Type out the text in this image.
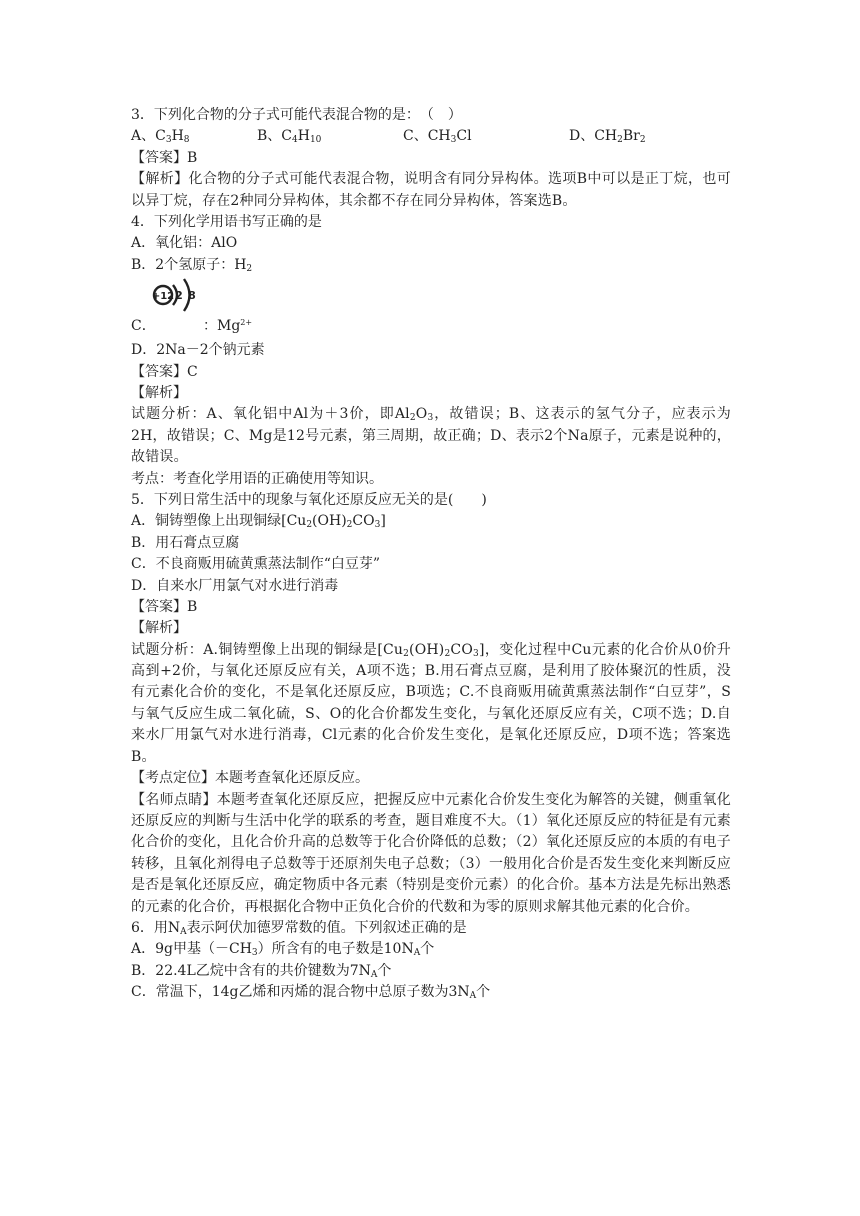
3．下列化合物的分子式可能代表混合物的是：　（　）
A、$C_3H_8$	B、$C_4H_{10}$	C、$CH_3Cl$	D、$CH_2Br_2$
【答案】B
【解析】化合物的分子式可能代表混合物，说明含有同分异构体。选项B中可以是正丁烷，也可以异丁烷，存在2种同分异构体，其余都不存在同分异构体，答案选B。
4．下列化学用语书写正确的是
A．氧化铝：AlO
B．2个氢原子：$H_2$
C．
+12 2 8
：$Mg^{2+}$
D．2Na－2个钠元素
【答案】C
【解析】
试题分析：A、氧化铝中Al为＋3价，即$Al_2O_3$，故错误；B、这表示的氢气分子，应表示为2H，故错误；C、Mg是12号元素，第三周期，故正确；D、表示2个Na原子，元素是说种的，故错误。
考点：考查化学用语的正确使用等知识。
5．下列日常生活中的现象与氧化还原反应无关的是(　　)
A．铜铸塑像上出现铜绿$[Cu_2(OH)_2CO_3]$
B．用石膏点豆腐
C．不良商贩用硫黄熏蒸法制作“白豆芽”
D．自来水厂用氯气对水进行消毒
【答案】B
【解析】
试题分析：A.铜铸塑像上出现的铜绿是$[Cu_2(OH)_2CO_3]$，变化过程中Cu元素的化合价从0价升高到+2价，与氧化还原反应有关，A项不选；B.用石膏点豆腐，是利用了胶体聚沉的性质，没有元素化合价的变化，不是氧化还原反应，B项选；C.不良商贩用硫黄熏蒸法制作“白豆芽”，S与氧气反应生成二氧化硫，S、O的化合价都发生变化，与氧化还原反应有关，C项不选；D.自来水厂用氯气对水进行消毒，Cl元素的化合价发生变化，是氧化还原反应，D项不选；答案选B。
【考点定位】本题考查氧化还原反应。
【名师点睛】本题考查氧化还原反应，把握反应中元素化合价发生变化为解答的关键，侧重氧化还原反应的判断与生活中化学的联系的考查，题目难度不大。（1）氧化还原反应的特征是有元素化合价的变化，且化合价升高的总数等于化合价降低的总数；（2）氧化还原反应的本质的有电子转移，且氧化剂得电子总数等于还原剂失电子总数；（3）一般用化合价是否发生变化来判断反应是否是氧化还原反应，确定物质中各元素（特别是变价元素）的化合价。基本方法是先标出熟悉的元素的化合价，再根据化合物中正负化合价的代数和为零的原则求解其他元素的化合价。
6．用$N_A$表示阿伏加德罗常数的值。下列叙述正确的是
A．9g甲基$(-CH_3)$所含有的电子数是$10N_A$个
B．22.4L乙烷中含有的共价键数为$7N_A$个
C．常温下，14g乙烯和丙烯的混合物中总原子数为$3N_A$个
